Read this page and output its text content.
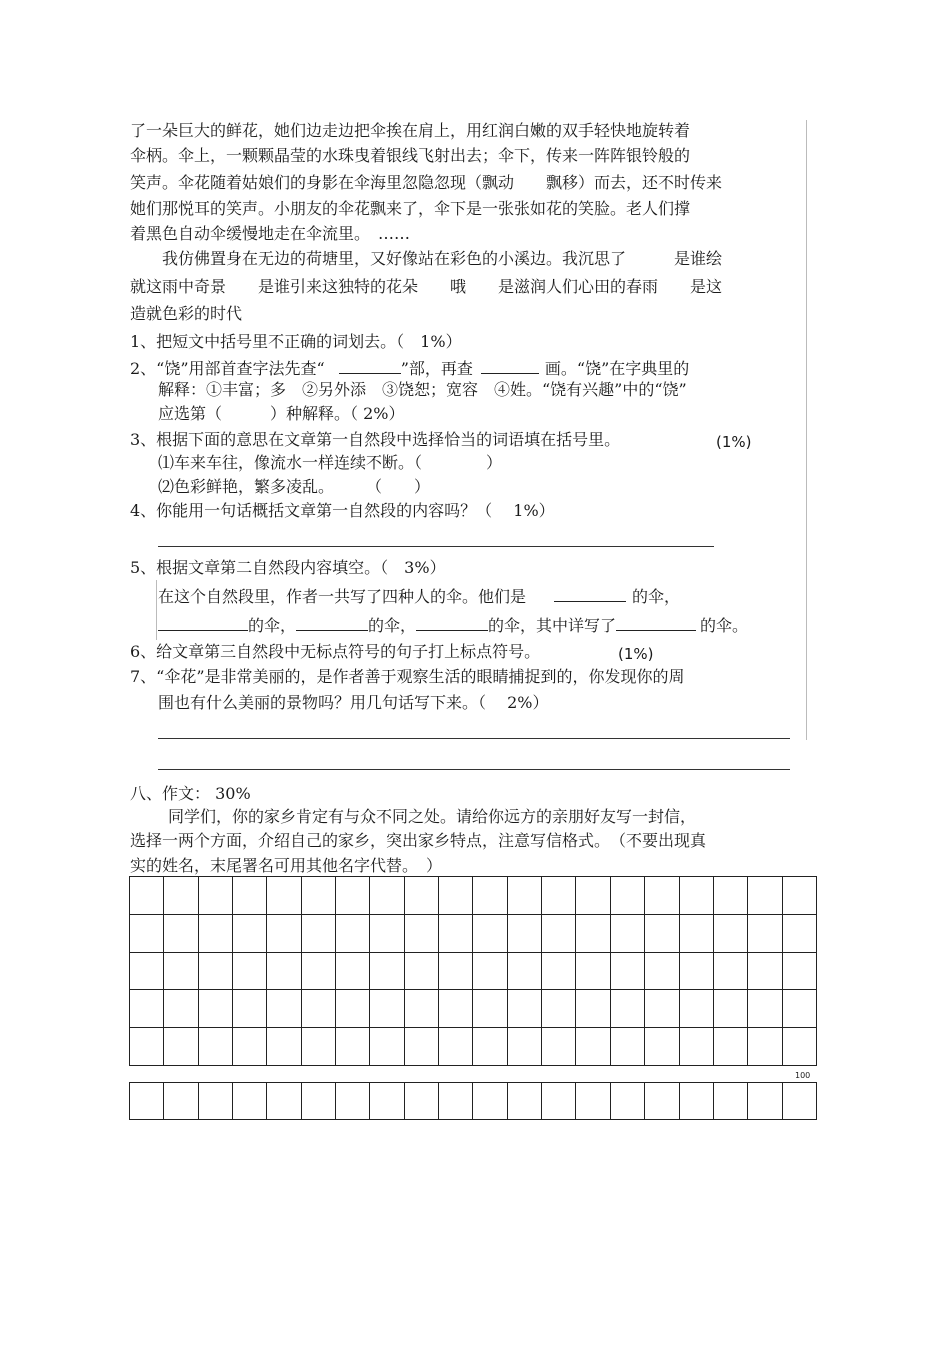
了一朵巨大的鲜花，她们边走边把伞挨在肩上，用红润白嫩的双手轻快地旋转着
伞柄。伞上，一颗颗晶莹的水珠曳着银线飞射出去；伞下，传来一阵阵银铃般的
笑声。伞花随着姑娘们的身影在伞海里忽隐忽现（飘动　　飘移）而去，还不时传来
她们那悦耳的笑声。小朋友的伞花飘来了，伞下是一张张如花的笑脸。老人们撑
着黑色自动伞缓慢地走在伞流里。　……
　　我仿佛置身在无边的荷塘里，又好像站在彩色的小溪边。我沉思了　　　是谁绘
就这雨中奇景　　是谁引来这独特的花朵　　哦　　是滋润人们心田的春雨　　是这
造就色彩的时代
1、把短文中括号里不正确的词划去。（　1%）
2、“饶”用部首查字法先查“	”部，再查	画。“饶”在字典里的
解释：①丰富；多　②另外添　③饶恕；宽容　④姓。“饶有兴趣”中的“饶”
应选第（　　　）种解释。（ 2%）
3、根据下面的意思在文章第一自然段中选择恰当的词语填在括号里。	(1%)
⑴车来车往，像流水一样连续不断。（　　　　）
⑵色彩鲜艳，繁多凌乱。　　　（　　）
4、你能用一句话概括文章第一自然段的内容吗？（　 1%）
5、根据文章第二自然段内容填空。（　3%）
在这个自然段里，作者一共写了四种人的伞。他们是	的伞，
的伞，	的伞，	的伞，其中详写了	的伞。
6、给文章第三自然段中无标点符号的句子打上标点符号。	(1%)
7、“伞花”是非常美丽的，是作者善于观察生活的眼睛捕捉到的，你发现你的周
围也有什么美丽的景物吗？用几句话写下来。（　 2%）
八、作文： 30%
同学们，你的家乡肯定有与众不同之处。请给你远方的亲朋好友写一封信，
选择一两个方面，介绍自己的家乡，突出家乡特点，注意写信格式。　（不要出现真
实的姓名，末尾署名可用其他名字代替。　）

100
